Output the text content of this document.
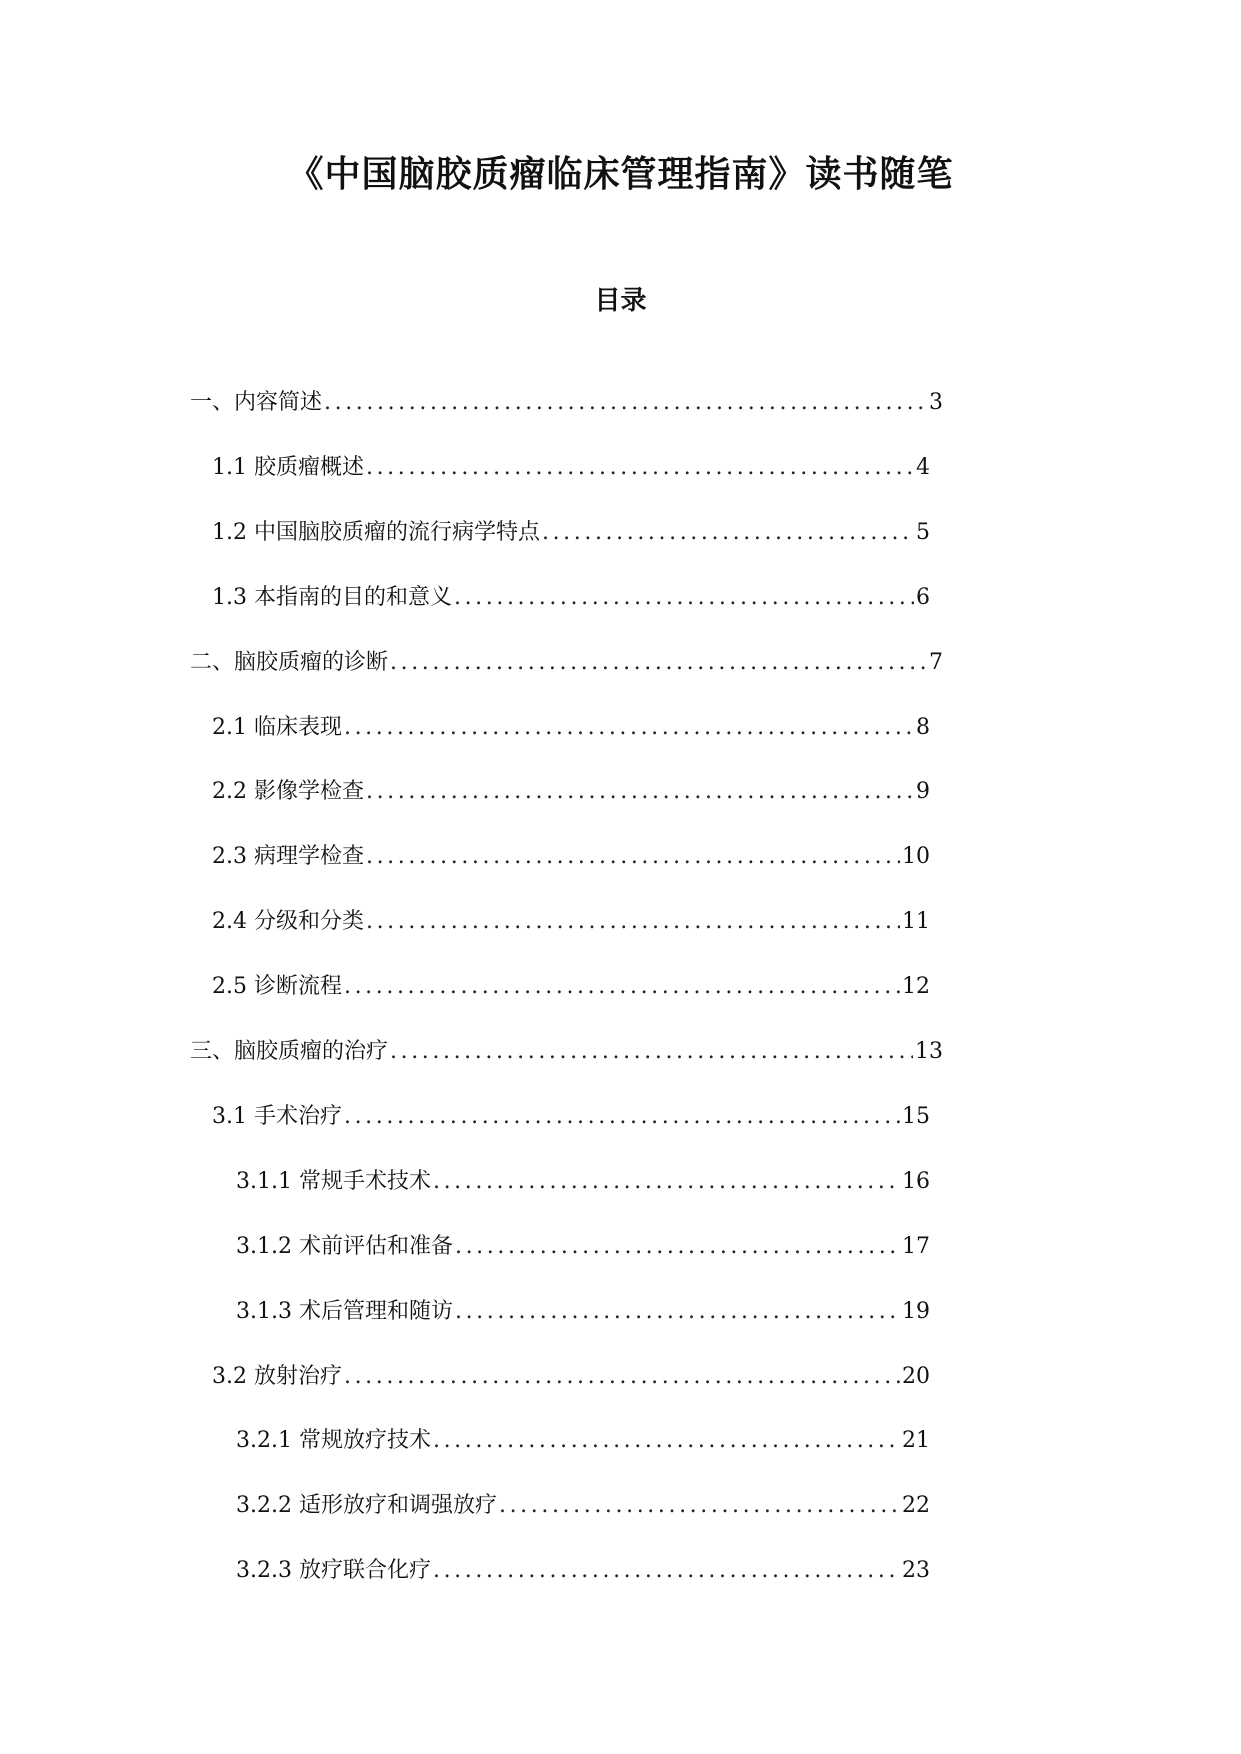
《中国脑胶质瘤临床管理指南》读书随笔
目录
一、内容简述 .....	3
1.1 胶质瘤概述 .....	4
1.2 中国脑胶质瘤的流行病学特点 .....	5
1.3 本指南的目的和意义 .....	6
二、脑胶质瘤的诊断 .....	7
2.1 临床表现 .....	8
2.2 影像学检查 .....	9
2.3 病理学检查 .....	10
2.4 分级和分类 .....	11
2.5 诊断流程 .....	12
三、脑胶质瘤的治疗 .....	13
3.1 手术治疗 .....	15
3.1.1 常规手术技术 .....	16
3.1.2 术前评估和准备 .....	17
3.1.3 术后管理和随访 .....	19
3.2 放射治疗 .....	20
3.2.1 常规放疗技术 .....	21
3.2.2 适形放疗和调强放疗 .....	22
3.2.3 放疗联合化疗 .....	23
